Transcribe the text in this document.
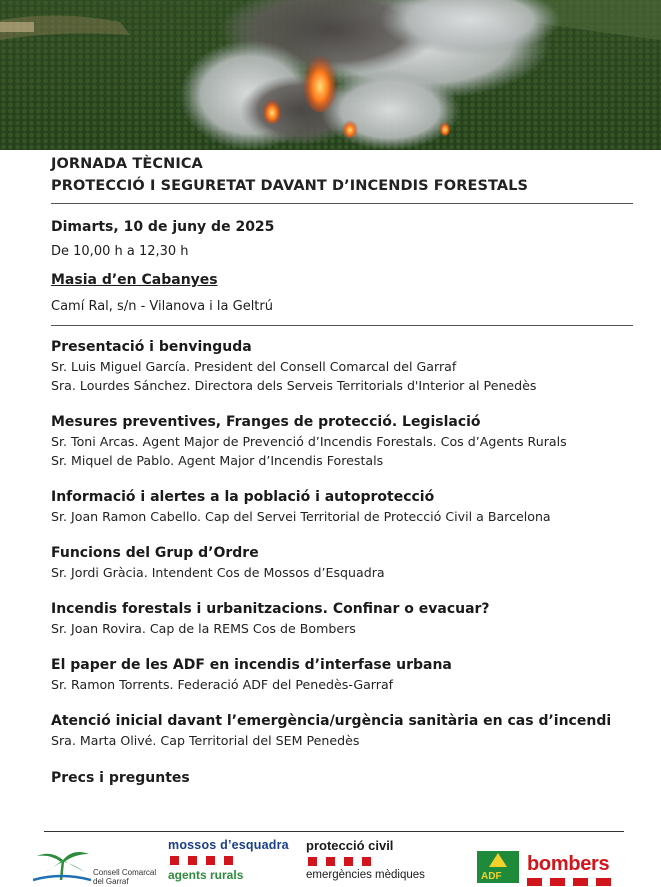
JORNADA TÈCNICA
PROTECCIÓ I SEGURETAT DAVANT D’INCENDIS FORESTALS
Dimarts, 10 de juny de 2025
De 10,00 h a 12,30 h
Masia d’en Cabanyes
Camí Ral, s/n - Vilanova i la Geltrú
Presentació i benvinguda
Sr. Luis Miguel García. President del Consell Comarcal del Garraf
Sra. Lourdes Sánchez. Directora dels Serveis Territorials d'Interior al Penedès
Mesures preventives, Franges de protecció. Legislació
Sr. Toni Arcas. Agent Major de Prevenció d’Incendis Forestals. Cos d’Agents Rurals
Sr. Miquel de Pablo. Agent Major d’Incendis Forestals
Informació i alertes a la població i autoprotecció
Sr. Joan Ramon Cabello. Cap del Servei Territorial de Protecció Civil a Barcelona
Funcions del Grup d’Ordre
Sr. Jordi Gràcia. Intendent Cos de Mossos d’Esquadra
Incendis forestals i urbanitzacions. Confinar o evacuar?
Sr. Joan Rovira. Cap de la REMS Cos de Bombers
El paper de les ADF en incendis d’interfase urbana
Sr. Ramon Torrents. Federació ADF del Penedès-Garraf
Atenció inicial davant l’emergència/urgència sanitària en cas d’incendi
Sra. Marta Olivé. Cap Territorial del SEM Penedès
Precs i preguntes
Consell Comarcal
del Garraf
mossos d’esquadra
agents rurals
protecció civil
emergències mèdiques	ADF
bombers
